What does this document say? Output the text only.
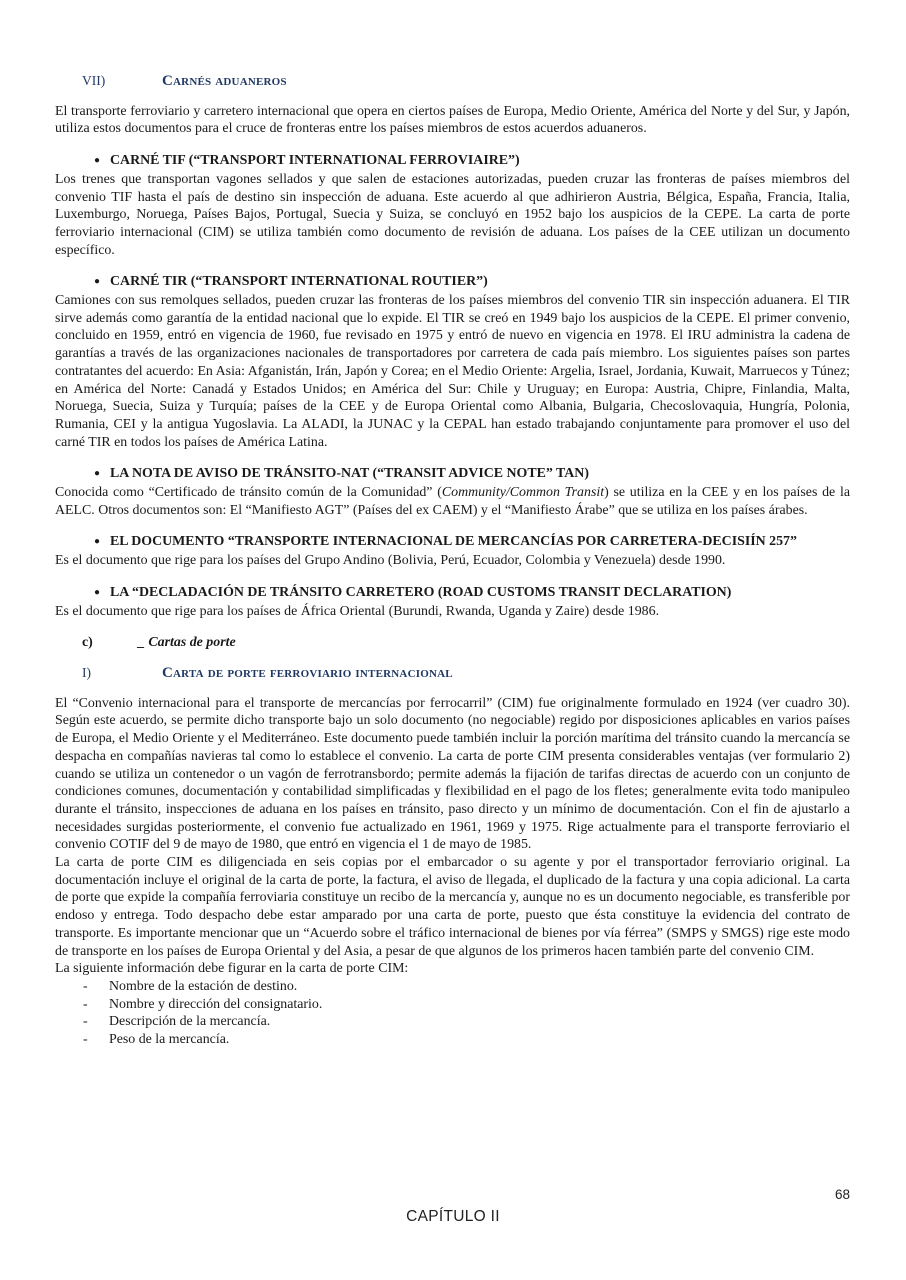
VII)	Carnés aduaneros

El transporte ferroviario y carretero internacional que opera en ciertos países de Europa, Medio Oriente, América del Norte y del Sur, y Japón, utiliza estos documentos para el cruce de fronteras entre los países miembros de estos acuerdos aduaneros.

● CARNÉ TIF (“TRANSPORT INTERNATIONAL FERROVIAIRE”)

Los trenes que transportan vagones sellados y que salen de estaciones autorizadas, pueden cruzar las fronteras de países miembros del convenio TIF hasta el país de destino sin inspección de aduana. Este acuerdo al que adhirieron Austria, Bélgica, España, Francia, Italia, Luxemburgo, Noruega, Países Bajos, Portugal, Suecia y Suiza, se concluyó en 1952 bajo los auspicios de la CEPE. La carta de porte ferroviario internacional (CIM) se utiliza también como documento de revisión de aduana. Los países de la CEE utilizan un documento específico.

● CARNÉ TIR (“TRANSPORT INTERNATIONAL ROUTIER”)

Camiones con sus remolques sellados, pueden cruzar las fronteras de los países miembros del convenio TIR sin inspección aduanera. El TIR sirve además como garantía de la entidad nacional que lo expide. El TIR se creó en 1949 bajo los auspicios de la CEPE. El primer convenio, concluido en 1959, entró en vigencia de 1960, fue revisado en 1975 y entró de nuevo en vigencia en 1978. El IRU administra la cadena de garantías a través de las organizaciones nacionales de transportadores por carretera de cada país miembro. Los siguientes países son partes contratantes del acuerdo: En Asia: Afganistán, Irán, Japón y Corea; en el Medio Oriente: Argelia, Israel, Jordania, Kuwait, Marruecos y Túnez; en América del Norte: Canadá y Estados Unidos; en América del Sur: Chile y Uruguay; en Europa: Austria, Chipre, Finlandia, Malta, Noruega, Suecia, Suiza y Turquía; países de la CEE y de Europa Oriental como Albania, Bulgaria, Checoslovaquia, Hungría, Polonia, Rumania, CEI y la antigua Yugoslavia. La ALADI, la JUNAC y la CEPAL han estado trabajando conjuntamente para promover el uso del carné TIR en todos los países de América Latina.

● LA NOTA DE AVISO DE TRÁNSITO-NAT (“TRANSIT ADVICE NOTE” TAN)

Conocida como “Certificado de tránsito común de la Comunidad” (Community/Common Transit) se utiliza en la CEE y en los países de la AELC. Otros documentos son: El “Manifiesto AGT” (Países del ex CAEM) y el “Manifiesto Árabe” que se utiliza en los países árabes.

● EL DOCUMENTO “TRANSPORTE INTERNACIONAL DE MERCANCÍAS POR CARRETERA-DECISIÍN 257”

Es el documento que rige para los países del Grupo Andino (Bolivia, Perú, Ecuador, Colombia y Venezuela) desde 1990.

● LA “DECLADACIÓN DE TRÁNSITO CARRETERO (ROAD CUSTOMS TRANSIT DECLARATION)

Es el documento que rige para los países de África Oriental (Burundi, Rwanda, Uganda y Zaire) desde 1986.

c)	_ Cartas de porte
I)	Carta de porte ferroviario internacional

El “Convenio internacional para el transporte de mercancías por ferrocarril” (CIM) fue originalmente formulado en 1924 (ver cuadro 30). Según este acuerdo, se permite dicho transporte bajo un solo documento (no negociable) regido por disposiciones aplicables en varios países de Europa, el Medio Oriente y el Mediterráneo. Este documento puede también incluir la porción marítima del tránsito cuando la mercancía se despacha en compañías navieras tal como lo establece el convenio. La carta de porte CIM presenta considerables ventajas (ver formulario 2) cuando se utiliza un contenedor o un vagón de ferrotransbordo; permite además la fijación de tarifas directas de acuerdo con un conjunto de condiciones comunes, documentación y contabilidad simplificadas y flexibilidad en el pago de los fletes; generalmente evita todo manipuleo durante el tránsito, inspecciones de aduana en los países en tránsito, paso directo y un mínimo de documentación. Con el fin de ajustarlo a necesidades surgidas posteriormente, el convenio fue actualizado en 1961, 1969 y 1975. Rige actualmente para el transporte ferroviario el convenio COTIF del 9 de mayo de 1980, que entró en vigencia el 1 de mayo de 1985.

La carta de porte CIM es diligenciada en seis copias por el embarcador o su agente y por el transportador ferroviario original. La documentación incluye el original de la carta de porte, la factura, el aviso de llegada, el duplicado de la factura y una copia adicional. La carta de porte que expide la compañía ferroviaria constituye un recibo de la mercancía y, aunque no es un documento negociable, es transferible por endoso y entrega. Todo despacho debe estar amparado por una carta de porte, puesto que ésta constituye la evidencia del contrato de transporte. Es importante mencionar que un “Acuerdo sobre el tráfico internacional de bienes por vía férrea” (SMPS y SMGS) rige este modo de transporte en los países de Europa Oriental y del Asia, a pesar de que algunos de los primeros hacen también parte del convenio CIM.

La siguiente información debe figurar en la carta de porte CIM:

-	Nombre de la estación de destino.
-	Nombre y dirección del consignatario.
-	Descripción de la mercancía.
-	Peso de la mercancía.
68
CAPÍTULO II
